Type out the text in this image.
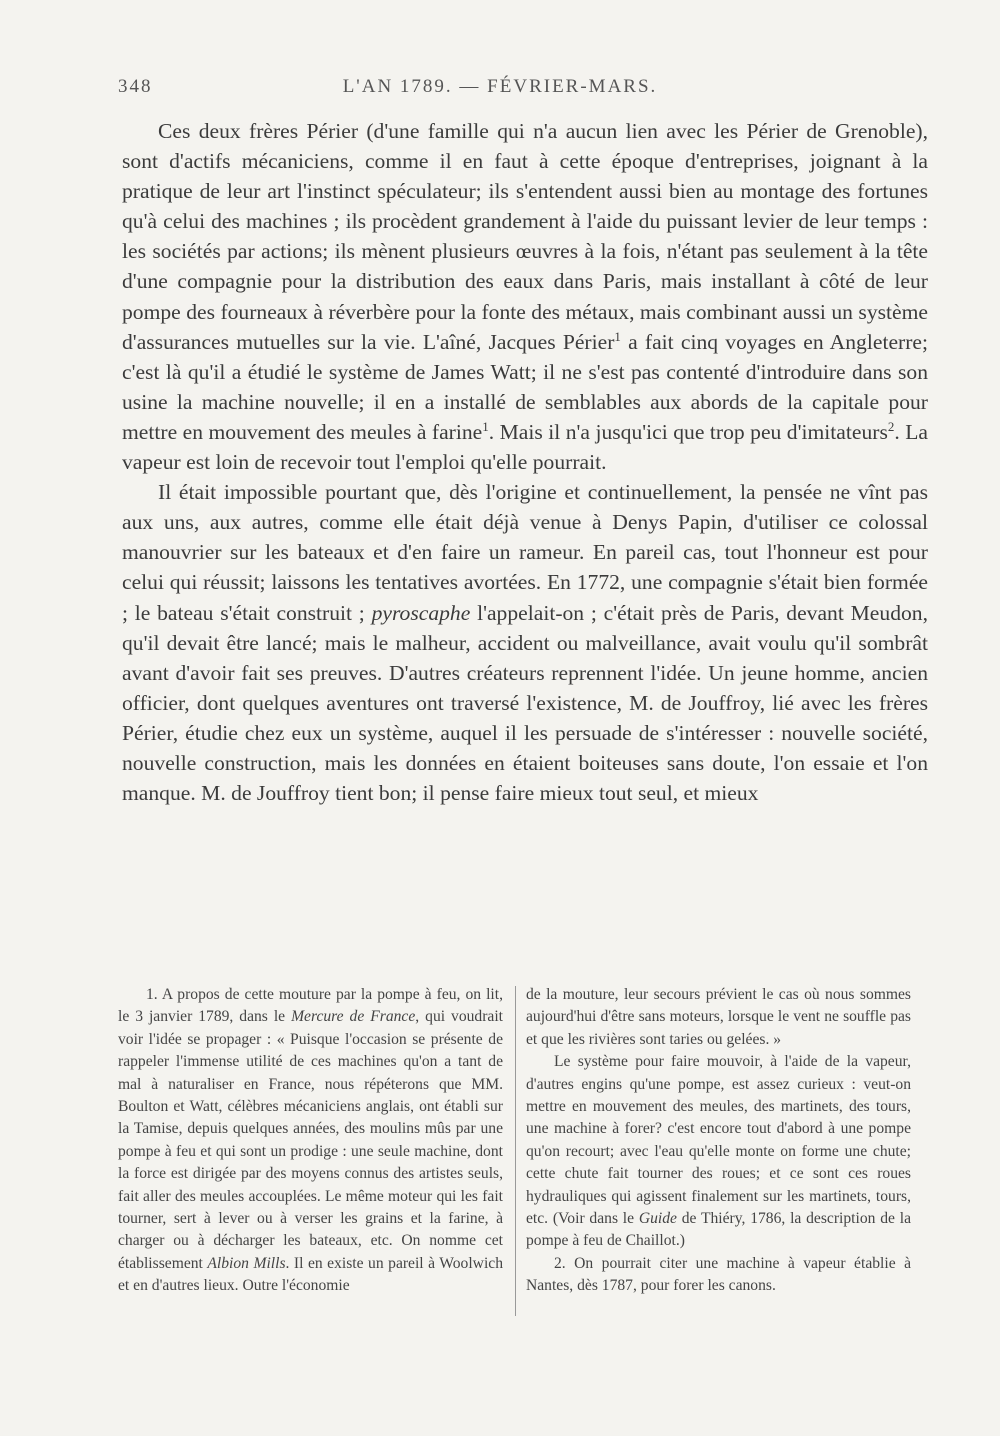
348	L'AN 1789. — FÉVRIER-MARS.

Ces deux frères Périer (d'une famille qui n'a aucun lien avec les Périer de Grenoble), sont d'actifs mécaniciens, comme il en faut à cette époque d'entreprises, joignant à la pratique de leur art l'instinct spéculateur; ils s'entendent aussi bien au montage des fortunes qu'à celui des machines ; ils procèdent grandement à l'aide du puissant levier de leur temps : les sociétés par actions; ils mènent plusieurs œuvres à la fois, n'étant pas seulement à la tête d'une compagnie pour la distribution des eaux dans Paris, mais installant à côté de leur pompe des fourneaux à réverbère pour la fonte des métaux, mais combinant aussi un système d'assurances mutuelles sur la vie. L'aîné, Jacques Périer$^1$ a fait cinq voyages en Angleterre; c'est là qu'il a étudié le système de James Watt; il ne s'est pas contenté d'introduire dans son usine la machine nouvelle; il en a installé de semblables aux abords de la capitale pour mettre en mouvement des meules à farine$^1$. Mais il n'a jusqu'ici que trop peu d'imitateurs$^2$. La vapeur est loin de recevoir tout l'emploi qu'elle pourrait.

Il était impossible pourtant que, dès l'origine et continuellement, la pensée ne vînt pas aux uns, aux autres, comme elle était déjà venue à Denys Papin, d'utiliser ce colossal manouvrier sur les bateaux et d'en faire un rameur. En pareil cas, tout l'honneur est pour celui qui réussit; laissons les tentatives avortées. En 1772, une compagnie s'était bien formée ; le bateau s'était construit ; pyroscaphe l'appelait-on ; c'était près de Paris, devant Meudon, qu'il devait être lancé; mais le malheur, accident ou malveillance, avait voulu qu'il sombrât avant d'avoir fait ses preuves. D'autres créateurs reprennent l'idée. Un jeune homme, ancien officier, dont quelques aventures ont traversé l'existence, M. de Jouffroy, lié avec les frères Périer, étudie chez eux un système, auquel il les persuade de s'intéresser : nouvelle société, nouvelle construction, mais les données en étaient boiteuses sans doute, l'on essaie et l'on manque. M. de Jouffroy tient bon; il pense faire mieux tout seul, et mieux

1. A propos de cette mouture par la pompe à feu, on lit, le 3 janvier 1789, dans le Mercure de France, qui voudrait voir l'idée se propager : « Puisque l'occasion se présente de rappeler l'immense utilité de ces machines qu'on a tant de mal à naturaliser en France, nous répéterons que MM. Boulton et Watt, célèbres mécaniciens anglais, ont établi sur la Tamise, depuis quelques années, des moulins mûs par une pompe à feu et qui sont un prodige : une seule machine, dont la force est dirigée par des moyens connus des artistes seuls, fait aller des meules accouplées. Le même moteur qui les fait tourner, sert à lever ou à verser les grains et la farine, à charger ou à décharger les bateaux, etc. On nomme cet établissement Albion Mills. Il en existe un pareil à Woolwich et en d'autres lieux. Outre l'économie

de la mouture, leur secours prévient le cas où nous sommes aujourd'hui d'être sans moteurs, lorsque le vent ne souffle pas et que les rivières sont taries ou gelées. »

Le système pour faire mouvoir, à l'aide de la vapeur, d'autres engins qu'une pompe, est assez curieux : veut-on mettre en mouvement des meules, des martinets, des tours, une machine à forer? c'est encore tout d'abord à une pompe qu'on recourt; avec l'eau qu'elle monte on forme une chute; cette chute fait tourner des roues; et ce sont ces roues hydrauliques qui agissent finalement sur les martinets, tours, etc. (Voir dans le Guide de Thiéry, 1786, la description de la pompe à feu de Chaillot.)

2. On pourrait citer une machine à vapeur établie à Nantes, dès 1787, pour forer les canons.
